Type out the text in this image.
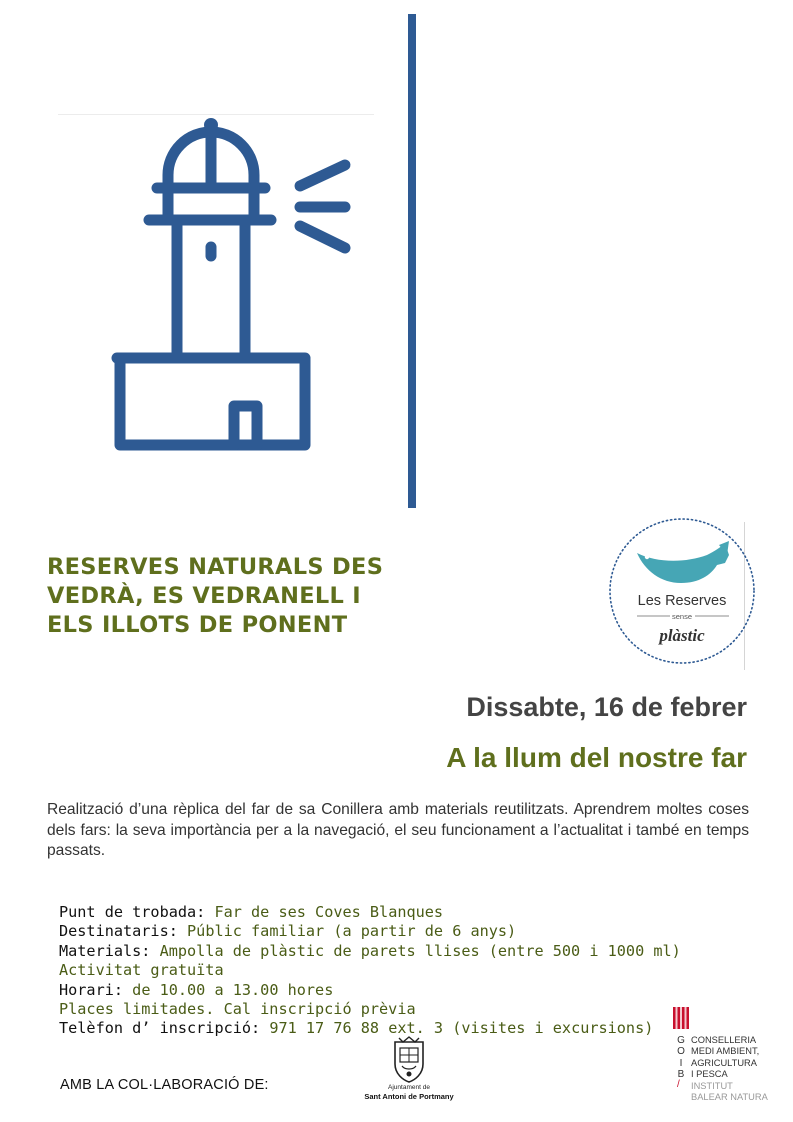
RESERVES NATURALS DES
VEDRÀ, ES VEDRANELL I
ELS ILLOTS DE PONENT
Les Reserves
sense
plàstic
Dissabte, 16 de febrer
A la llum del nostre far
Realització d’una rèplica del far de sa Conillera amb materials reutilitzats. Aprendrem moltes coses dels fars: la seva importància per a la navegació, el seu funcionament a l’actualitat i també en temps passats.
Punt de trobada: Far de ses Coves Blanques
Destinataris: Públic familiar (a partir de 6 anys)
Materials: Ampolla de plàstic de parets llises (entre 500 i 1000 ml)
Activitat gratuïta
Horari: de 10.00 a 13.00 hores
Places limitades. Cal inscripció prèvia
Telèfon d’ inscripció: 971 17 76 88 ext. 3 (visites i excursions)
AMB LA COL·LABORACIÓ DE:	Ajuntament de
Sant Antoni de Portmany
G
O
I
B
/
CONSELLERIA
MEDI AMBIENT,
AGRICULTURA
I PESCA
INSTITUT
BALEAR NATURA
